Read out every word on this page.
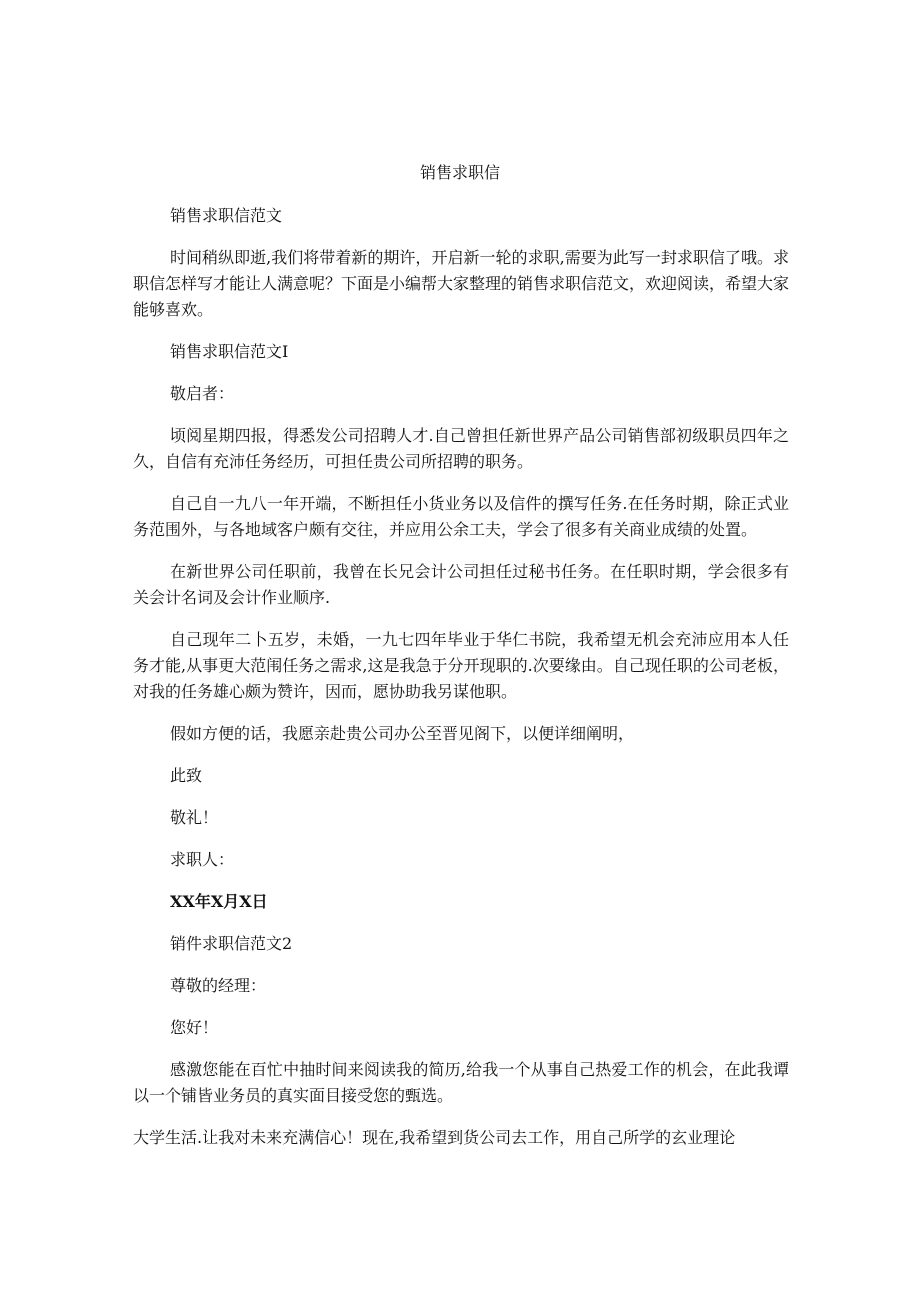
销售求职信

销售求职信范文

时间稍纵即逝,我们将带着新的期许，开启新一轮的求职,需要为此写一封求职信了哦。求职信怎样写才能让人满意呢？下面是小编帮大家整理的销售求职信范文，欢迎阅读，希望大家能够喜欢。

销售求职信范文I

敬启者：

顷阅星期四报，得悉发公司招聘人才.自己曾担任新世界产品公司销售部初级职员四年之久，自信有充沛任务经历，可担任贵公司所招聘的职务。

自己自一九八一年开端，不断担任小货业务以及信件的撰写任务.在任务时期，除正式业务范围外，与各地域客户颇有交往，并应用公余工夫，学会了很多有关商业成绩的处置。

在新世界公司任职前，我曾在长兄会计公司担任过秘书任务。在任职时期，学会很多有关会计名词及会计作业顺序.

自己现年二卜五岁，未婚，一九七四年毕业于华仁书院，我希望无机会充沛应用本人任务才能,从事更大范闱任务之需求,这是我急于分开现职的.次要缘由。自己现任职的公司老板，对我的任务雄心颇为赞许，因而，愿协助我另谋他职。

假如方便的话，我愿亲赴贵公司办公至晋见阁下，以便详细阐明，

此致

敬礼！

求职人：

XX年X月X日

销件求职信范文2

尊敬的经理：

您好！

感激您能在百忙中抽时间来阅读我的简历,给我一个从事自己热爱工作的机会，在此我谭以一个铺皆业务员的真实面目接受您的甄选。

大学生活.让我对未来充满信心！现在,我希望到货公司去工作，用自己所学的玄业理论
